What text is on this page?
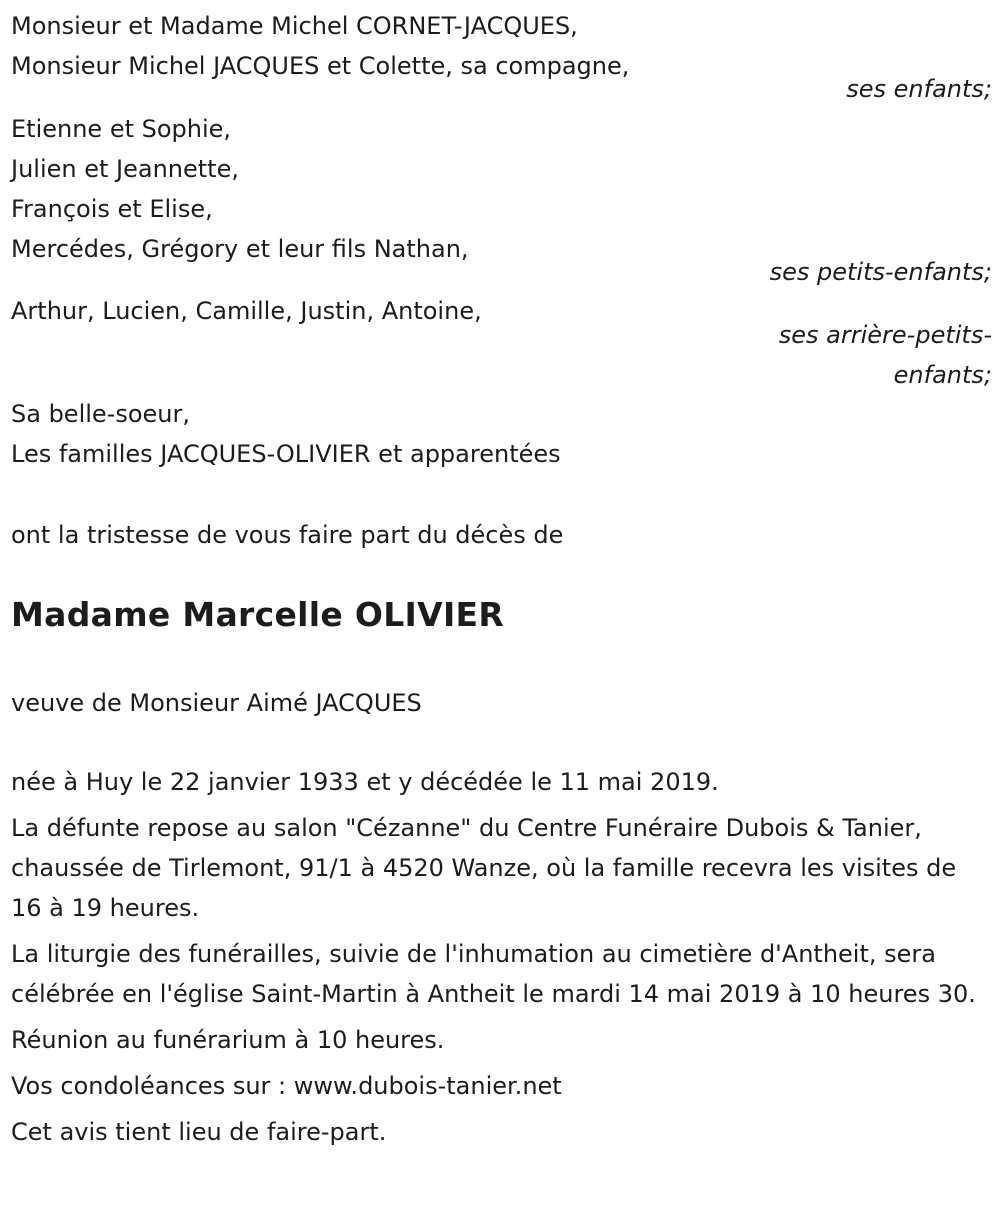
Monsieur et Madame Michel CORNET-JACQUES,
Monsieur Michel JACQUES et Colette, sa compagne,
ses enfants;
Etienne et Sophie,
Julien et Jeannette,
François et Elise,
Mercédes, Grégory et leur fils Nathan,
ses petits-enfants;
Arthur, Lucien, Camille, Justin, Antoine,
ses arrière-petits-
enfants;
Sa belle-soeur,
Les familles JACQUES-OLIVIER et apparentées
ont la tristesse de vous faire part du décès de
Madame Marcelle OLIVIER
veuve de Monsieur Aimé JACQUES
née à Huy le 22 janvier 1933 et y décédée le 11 mai 2019.
La défunte repose au salon "Cézanne" du Centre Funéraire Dubois & Tanier, chaussée de Tirlemont, 91/1 à 4520 Wanze, où la famille recevra les visites de 16 à 19 heures.
La liturgie des funérailles, suivie de l'inhumation au cimetière d'Antheit, sera célébrée en l'église Saint-Martin à Antheit le mardi 14 mai 2019 à 10 heures 30.
Réunion au funérarium à 10 heures.
Vos condoléances sur : www.dubois-tanier.net
Cet avis tient lieu de faire-part.
